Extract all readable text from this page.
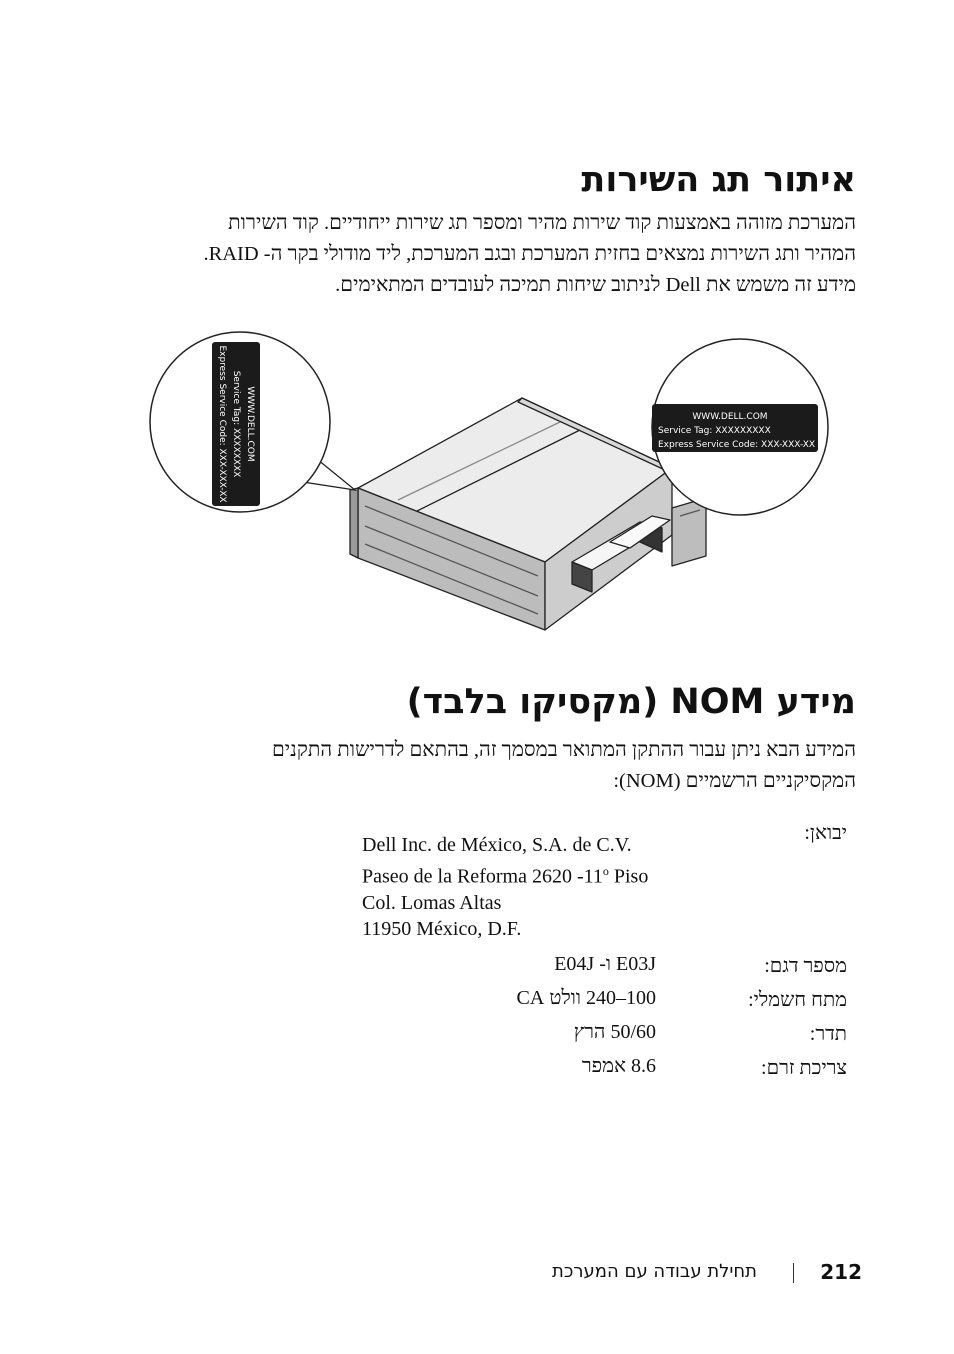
איתור תג השירות

המערכת מזוהה באמצעות קוד שירות מהיר ומספר תג שירות ייחודיים. קוד השירות

המהיר ותג השירות נמצאים בחזית המערכת ובגב המערכת, ליד מודולי בקר ה- RAID.

מידע זה משמש את Dell לניתוב שיחות תמיכה לעובדים המתאימים.

WWW.DELL.COM
Service Tag: XXXXXXXX
Express Service Code: XXX-XXX-XX	WWW.DELL.COM
Service Tag: XXXXXXXXX
Express Service Code: XXX-XXX-XX
מידע NOM (מקסיקו בלבד)

המידע הבא ניתן עבור ההתקן המתואר במסמך זה, בהתאם לדרישות התקנים

המקסיקניים הרשמיים (NOM):

יבואן:
Dell Inc. de México, S.A. de C.V.
Paseo de la Reforma 2620 -11$^o$ Piso
Col. Lomas Altas
11950 México, D.F.
מספר דגם:
E03J ו- E04J
מתח חשמלי:
100–240 וולט CA
תדר:
50/60 הרץ
צריכת זרם:
8.6 אמפר
212
תחילת עבודה עם המערכת
